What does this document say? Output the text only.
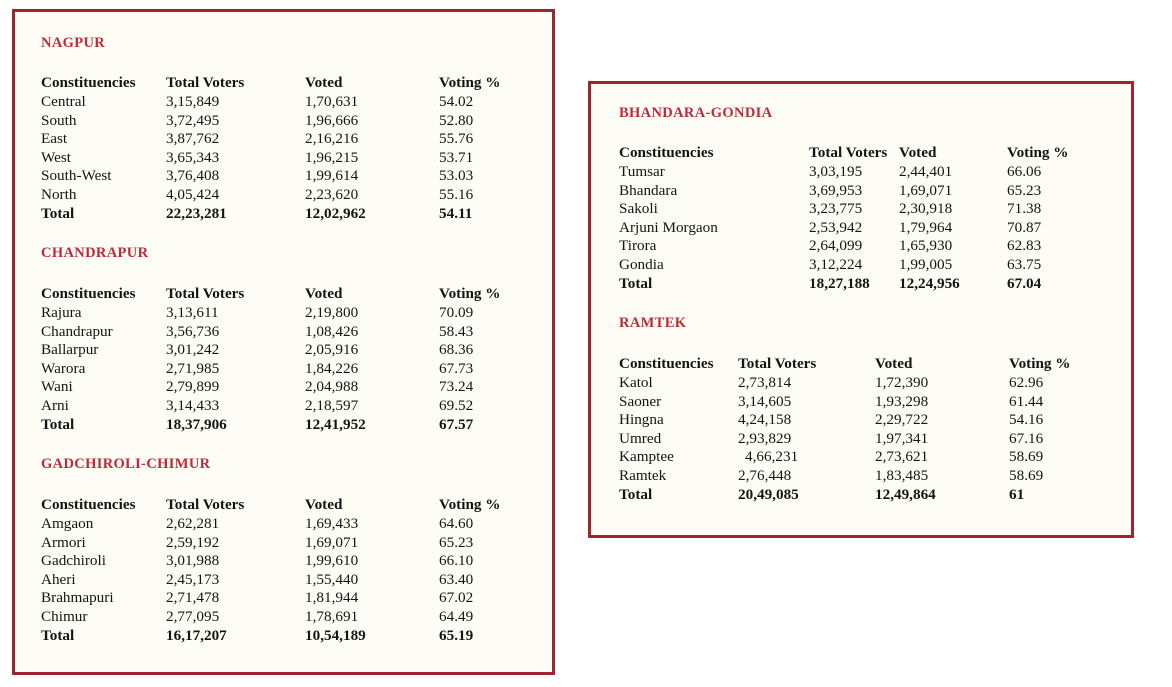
NAGPUR
Constituencies	Total Voters	Voted	Voting %
Central	3,15,849	1,70,631	54.02
South	3,72,495	1,96,666	52.80
East	3,87,762	2,16,216	55.76
West	3,65,343	1,96,215	53.71
South-West	3,76,408	1,99,614	53.03
North	4,05,424	2,23,620	55.16
Total	22,23,281	12,02,962	54.11
CHANDRAPUR
Constituencies	Total Voters	Voted	Voting %
Rajura	3,13,611	2,19,800	70.09
Chandrapur	3,56,736	1,08,426	58.43
Ballarpur	3,01,242	2,05,916	68.36
Warora	2,71,985	1,84,226	67.73
Wani	2,79,899	2,04,988	73.24
Arni	3,14,433	2,18,597	69.52
Total	18,37,906	12,41,952	67.57
GADCHIROLI-CHIMUR
Constituencies	Total Voters	Voted	Voting %
Amgaon	2,62,281	1,69,433	64.60
Armori	2,59,192	1,69,071	65.23
Gadchiroli	3,01,988	1,99,610	66.10
Aheri	2,45,173	1,55,440	63.40
Brahmapuri	2,71,478	1,81,944	67.02
Chimur	2,77,095	1,78,691	64.49
Total	16,17,207	10,54,189	65.19
BHANDARA-GONDIA
Constituencies	Total Voters	Voted	Voting %
Tumsar	3,03,195	2,44,401	66.06
Bhandara	3,69,953	1,69,071	65.23
Sakoli	3,23,775	2,30,918	71.38
Arjuni Morgaon	2,53,942	1,79,964	70.87
Tirora	2,64,099	1,65,930	62.83
Gondia	3,12,224	1,99,005	63.75
Total	18,27,188	12,24,956	67.04
RAMTEK
Constituencies	Total Voters	Voted	Voting %
Katol	2,73,814	1,72,390	62.96
Saoner	3,14,605	1,93,298	61.44
Hingna	4,24,158	2,29,722	54.16
Umred	2,93,829	1,97,341	67.16
Kamptee	4,66,231	2,73,621	58.69
Ramtek	2,76,448	1,83,485	58.69
Total	20,49,085	12,49,864	61
